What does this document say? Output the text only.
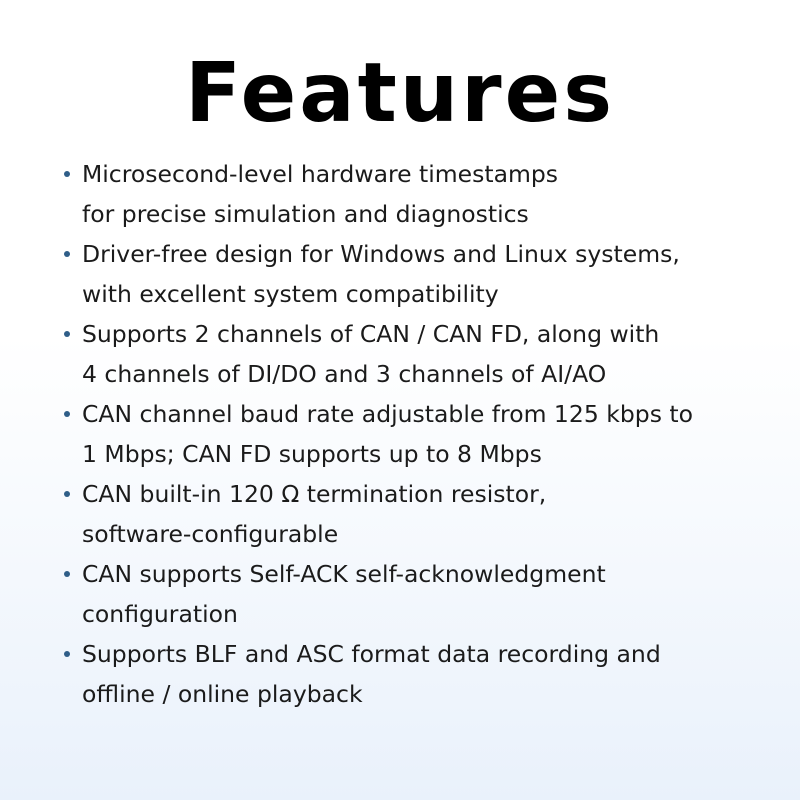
Features
Microsecond-level hardware timestamps
for precise simulation and diagnostics
Driver-free design for Windows and Linux systems,
with excellent system compatibility
Supports 2 channels of CAN / CAN FD, along with
4 channels of DI/DO and 3 channels of AI/AO
CAN channel baud rate adjustable from 125 kbps to
1 Mbps; CAN FD supports up to 8 Mbps
CAN built-in 120 Ω termination resistor,
software-configurable
CAN supports Self-ACK self-acknowledgment
configuration
Supports BLF and ASC format data recording and
offline / online playback
